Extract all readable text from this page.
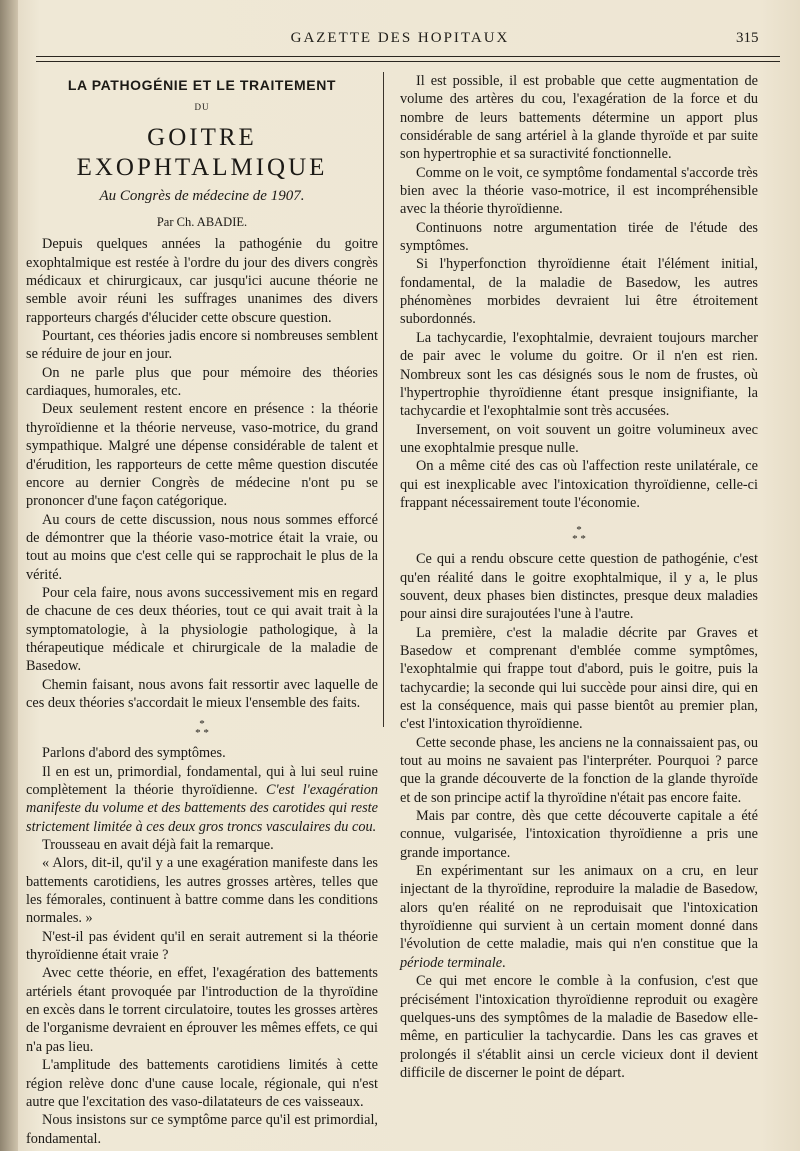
GAZETTE DES HOPITAUX	315
LA PATHOGÉNIE ET LE TRAITEMENT
DU
GOITRE EXOPHTALMIQUE
Au Congrès de médecine de 1907.
Par Ch. ABADIE.

Depuis quelques années la pathogénie du goitre exophtalmique est restée à l'ordre du jour des divers congrès médicaux et chirurgicaux, car jusqu'ici aucune théorie ne semble avoir réuni les suffrages unanimes des divers rapporteurs chargés d'élucider cette obscure question.

Pourtant, ces théories jadis encore si nombreuses semblent se réduire de jour en jour.

On ne parle plus que pour mémoire des théories cardiaques, humorales, etc.

Deux seulement restent encore en présence : la théorie thyroïdienne et la théorie nerveuse, vaso-motrice, du grand sympathique. Malgré une dépense considérable de talent et d'érudition, les rapporteurs de cette même question discutée encore au dernier Congrès de médecine n'ont pu se prononcer d'une façon catégorique.

Au cours de cette discussion, nous nous sommes efforcé de démontrer que la théorie vaso-motrice était la vraie, ou tout au moins que c'est celle qui se rapprochait le plus de la vérité.

Pour cela faire, nous avons successivement mis en regard de chacune de ces deux théories, tout ce qui avait trait à la symptomatologie, à la physiologie pathologique, à la thérapeutique médicale et chirurgicale de la maladie de Basedow.

Chemin faisant, nous avons fait ressortir avec laquelle de ces deux théories s'accordait le mieux l'ensemble des faits.

*
* *

Parlons d'abord des symptômes.

Il en est un, primordial, fondamental, qui à lui seul ruine complètement la théorie thyroïdienne. C'est l'exagération manifeste du volume et des battements des carotides qui reste strictement limitée à ces deux gros troncs vasculaires du cou.

Trousseau en avait déjà fait la remarque.

« Alors, dit-il, qu'il y a une exagération manifeste dans les battements carotidiens, les autres grosses artères, telles que les fémorales, continuent à battre comme dans les conditions normales. »

N'est-il pas évident qu'il en serait autrement si la théorie thyroïdienne était vraie ?

Avec cette théorie, en effet, l'exagération des battements artériels étant provoquée par l'introduction de la thyroïdine en excès dans le torrent circulatoire, toutes les grosses artères de l'organisme devraient en éprouver les mêmes effets, ce qui n'a pas lieu.

L'amplitude des battements carotidiens limités à cette région relève donc d'une cause locale, régionale, qui n'est autre que l'excitation des vaso-dilatateurs de ces vaisseaux.

Nous insistons sur ce symptôme parce qu'il est primordial, fondamental.

Il est possible, il est probable que cette augmentation de volume des artères du cou, l'exagération de la force et du nombre de leurs battements détermine un apport plus considérable de sang artériel à la glande thyroïde et par suite son hypertrophie et sa suractivité fonctionnelle.

Comme on le voit, ce symptôme fondamental s'accorde très bien avec la théorie vaso-motrice, il est incompréhensible avec la théorie thyroïdienne.

Continuons notre argumentation tirée de l'étude des symptômes.

Si l'hyperfonction thyroïdienne était l'élément initial, fondamental, de la maladie de Basedow, les autres phénomènes morbides devraient lui être étroitement subordonnés.

La tachycardie, l'exophtalmie, devraient toujours marcher de pair avec le volume du goitre. Or il n'en est rien. Nombreux sont les cas désignés sous le nom de frustes, où l'hypertrophie thyroïdienne étant presque insignifiante, la tachycardie et l'exophtalmie sont très accusées.

Inversement, on voit souvent un goitre volumineux avec une exophtalmie presque nulle.

On a même cité des cas où l'affection reste unilatérale, ce qui est inexplicable avec l'intoxication thyroïdienne, celle-ci frappant nécessairement toute l'économie.

*
* *

Ce qui a rendu obscure cette question de pathogénie, c'est qu'en réalité dans le goitre exophtalmique, il y a, le plus souvent, deux phases bien distinctes, presque deux maladies pour ainsi dire surajoutées l'une à l'autre.

La première, c'est la maladie décrite par Graves et Basedow et comprenant d'emblée comme symptômes, l'exophtalmie qui frappe tout d'abord, puis le goitre, puis la tachycardie; la seconde qui lui succède pour ainsi dire, qui en est la conséquence, mais qui passe bientôt au premier plan, c'est l'intoxication thyroïdienne.

Cette seconde phase, les anciens ne la connaissaient pas, ou tout au moins ne savaient pas l'interpréter. Pourquoi ? parce que la grande découverte de la fonction de la glande thyroïde et de son principe actif la thyroïdine n'était pas encore faite.

Mais par contre, dès que cette découverte capitale a été connue, vulgarisée, l'intoxication thyroïdienne a pris une grande importance.

En expérimentant sur les animaux on a cru, en leur injectant de la thyroïdine, reproduire la maladie de Basedow, alors qu'en réalité on ne reproduisait que l'intoxication thyroïdienne qui survient à un certain moment donné dans l'évolution de cette maladie, mais qui n'en constitue que la période terminale.

Ce qui met encore le comble à la confusion, c'est que précisément l'intoxication thyroïdienne reproduit ou exagère quelques-uns des symptômes de la maladie de Basedow elle-même, en particulier la tachycardie. Dans les cas graves et prolongés il s'établit ainsi un cercle vicieux dont il devient difficile de discerner le point de départ.
